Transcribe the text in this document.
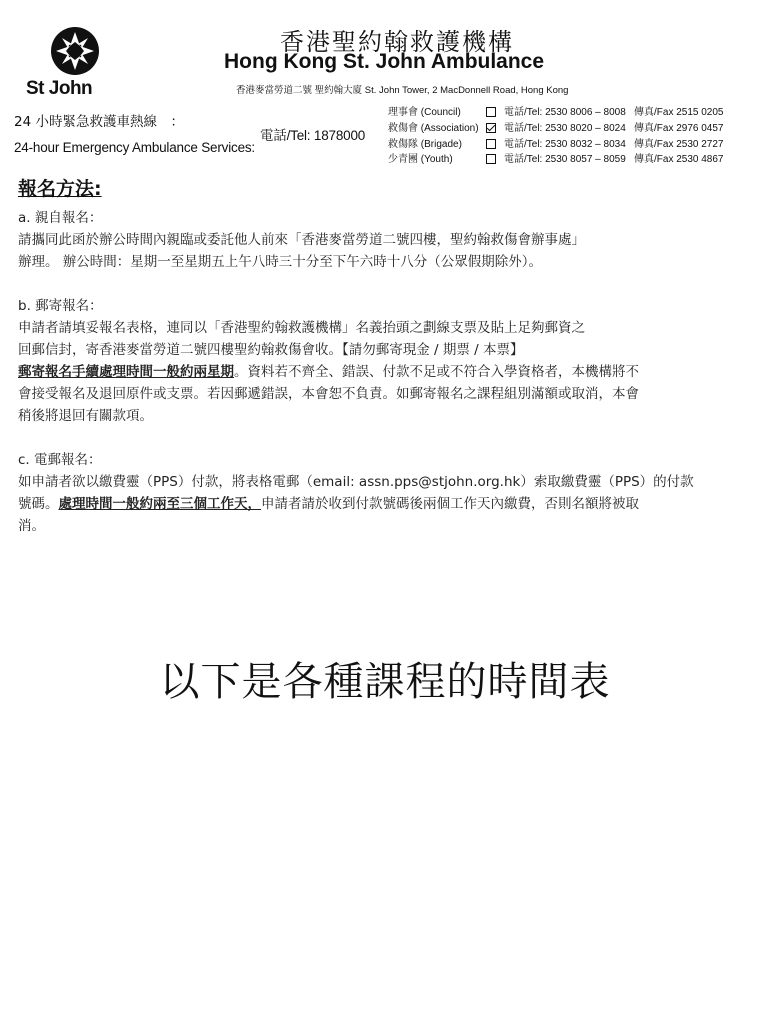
St John
香港聖約翰救護機構
Hong Kong St. John Ambulance
香港麥當勞道二號 聖約翰大廈 St. John Tower, 2 MacDonnell Road, Hong Kong
24 小時緊急救護車熱線　：
24-hour Emergency Ambulance Services:
電話/Tel: 1878000
理事會 (Council)	電話/Tel: 2530 8006 – 8008 傳真/Fax 2515 0205
救傷會 (Association)	電話/Tel: 2530 8020 – 8024 傳真/Fax 2976 0457
救傷隊 (Brigade)	電話/Tel: 2530 8032 – 8034 傳真/Fax 2530 2727
少青團 (Youth)	電話/Tel: 2530 8057 – 8059 傳真/Fax 2530 4867
報名方法:

a. 親自報名：

請攜同此函於辦公時間內親臨或委託他人前來「香港麥當勞道二號四樓，聖約翰救傷會辦事處」

辦理。 辦公時間：星期一至星期五上午八時三十分至下午六時十八分（公眾假期除外）。

b. 郵寄報名：

申請者請填妥報名表格，連同以「香港聖約翰救護機構」名義抬頭之劃線支票及貼上足夠郵資之

回郵信封，寄香港麥當勞道二號四樓聖約翰救傷會收。【請勿郵寄現金 / 期票 / 本票】

郵寄報名手續處理時間一般約兩星期。資料若不齊全、錯誤、付款不足或不符合入學資格者，本機構將不

會接受報名及退回原件或支票。若因郵遞錯誤，本會恕不負責。如郵寄報名之課程組別滿額或取消，本會

稍後將退回有關款項。

c. 電郵報名：

如申請者欲以繳費靈（PPS）付款，將表格電郵（email: assn.pps@stjohn.org.hk）索取繳費靈（PPS）的付款

號碼。處理時間一般約兩至三個工作天，申請者請於收到付款號碼後兩個工作天內繳費，否則名額將被取

消。

以下是各種課程的時間表
